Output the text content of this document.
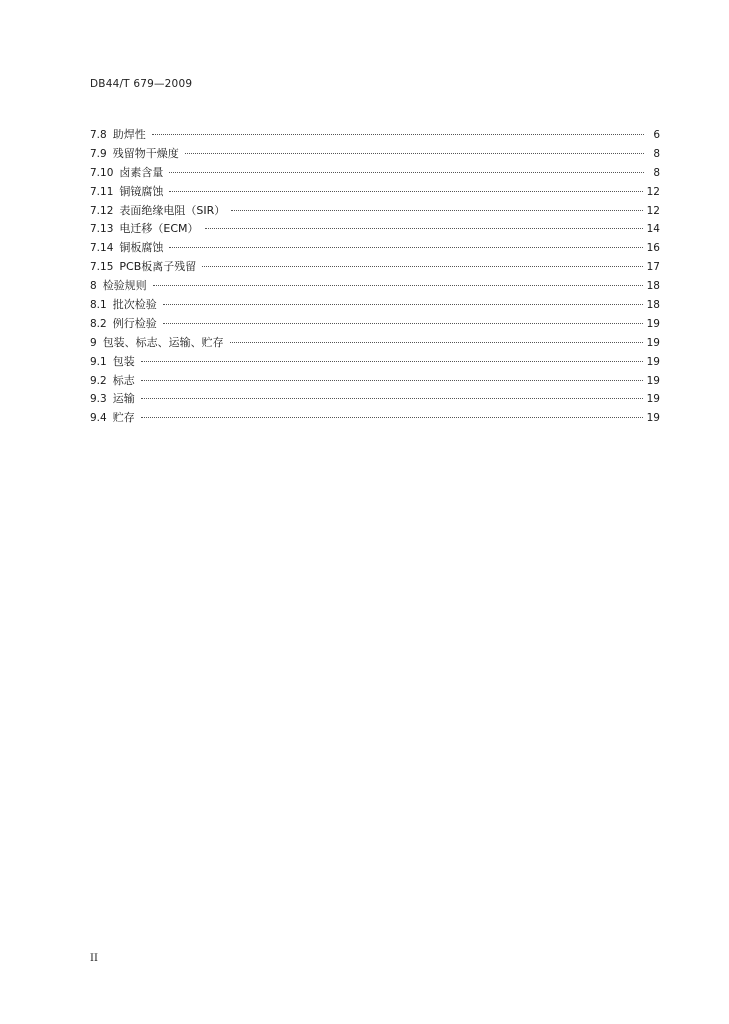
DB44/T 679—2009
7.8 助焊性	6
7.9 残留物干燥度	8
7.10 卤素含量	8
7.11 铜镜腐蚀	12
7.12 表面绝缘电阻（SIR）	12
7.13 电迁移（ECM）	14
7.14 铜板腐蚀	16
7.15 PCB板离子残留	17
8 检验规则	18
8.1 批次检验	18
8.2 例行检验	19
9 包装、标志、运输、贮存	19
9.1 包装	19
9.2 标志	19
9.3 运输	19
9.4 贮存	19
II
